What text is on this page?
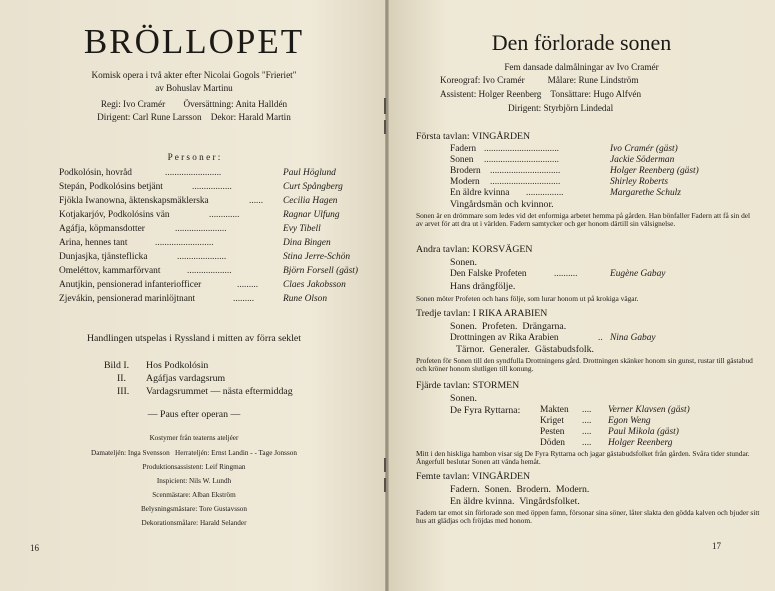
BRÖLLOPET
Komisk opera i två akter efter Nicolai Gogols "Frieriet"
av Bohuslav Martinu
Regi: Ivo Cramér        Översättning: Anita Halldén
Dirigent: Carl Rune Larsson    Dekor: Harald Martin
P e r s o n e r :
Podkolósin, hovråd	........................	Paul Höglund
Stepán, Podkolósins betjänt	.................	Curt Spångberg
Fjökla Iwanowna, äktenskapsmäklerska	...... Cecilia Hagen
Kotjakarjóv, Podkolósins vän	.............	Ragnar Ulfung
Agáfja, köpmansdotter	......................	Evy Tibell
Arina, hennes tant	.........................	Dina Bingen
Dunjasjka, tjänsteflicka	.....................	Stina Jerre-Schön
Omeléttov, kammarförvant	...................	Björn Forsell (gäst)
Anutjkin, pensionerad infanteriofficer	.........	Claes Jakobsson
Zjevákin, pensionerad marinlöjtnant	.........	Rune Olson
Handlingen utspelas i Ryssland i mitten av förra seklet
Bild I. Hos Podkolósin
II. Agáfjas vardagsrum
III. Vardagsrummet — nästa eftermiddag
— Paus efter operan —
Kostymer från teaterns ateljéer
Damateljén: Inga Svensson   Herrateljén: Ernst Landin - - Tage Jonsson
Produktionsassistent: Leif Ringman
Inspicient: Nils W. Lundh
Scenmästare: Alban Ekström
Belysningsmästare: Tore Gustavsson
Dekorationsmålare: Harald Selander
16
Den förlorade sonen
Fem dansade dalmålningar av Ivo Cramér
Koreograf: Ivo Cramér          Målare: Rune Lindström
Assistent: Holger Reenberg    Tonsättare: Hugo Alfvén
Dirigent: Styrbjörn Lindedal
Första tavlan: VINGÅRDEN
Fadern ................................	Ivo Cramér (gäst)
Sonen ................................	Jackie Söderman
Brodern ..............................	Holger Reenberg (gäst)
Modern ..............................	Shirley Roberts
En äldre kvinna ................	Margarethe Schulz
Vingårdsmän och kvinnor.
Sonen är en drömmare som ledes vid det enformiga arbetet hemma på gården. Han bönfaller Fadern att få sin del av arvet för att dra ut i världen. Fadern samtycker och ger honom därtill sin välsignelse.
Andra tavlan: KORSVÄGEN
Sonen.
Den Falske Profeten	..........	Eugène Gabay
Hans drängfölje.
Sonen möter Profeten och hans följe, som lurar honom ut på krokiga vägar.
Tredje tavlan: I RIKA ARABIEN
Sonen.  Profeten.  Drängarna.
Drottningen av Rika Arabien	.. Nina Gabay
Tärnor.  Generaler.  Gästabudsfolk.
Profeten för Sonen till den syndfulla Drottningens gård. Drottningen skänker honom sin gunst, rustar till gästabud och kröner honom slutligen till konung.
Fjärde tavlan: STORMEN
Sonen.
De Fyra Ryttarna: Makten .... Verner Klavsen (gäst)
Kriget .... Egon Weng
Pesten .... Paul Mikola (gäst)
Döden .... Holger Reenberg
Mitt i den hiskliga hambon visar sig De Fyra Ryttarna och jagar gästabudsfolket från gården. Svåra tider stundar. Ångerfull beslutar Sonen att vända hemåt.
Femte tavlan: VINGÅRDEN
Fadern.  Sonen.  Brodern.  Modern.
En äldre kvinna.  Vingårdsfolket.
Fadern tar emot sin förlorade son med öppen famn, försonar sina söner, låter slakta den gödda kalven och bjuder sitt hus att glädjas och fröjdas med honom.
17
